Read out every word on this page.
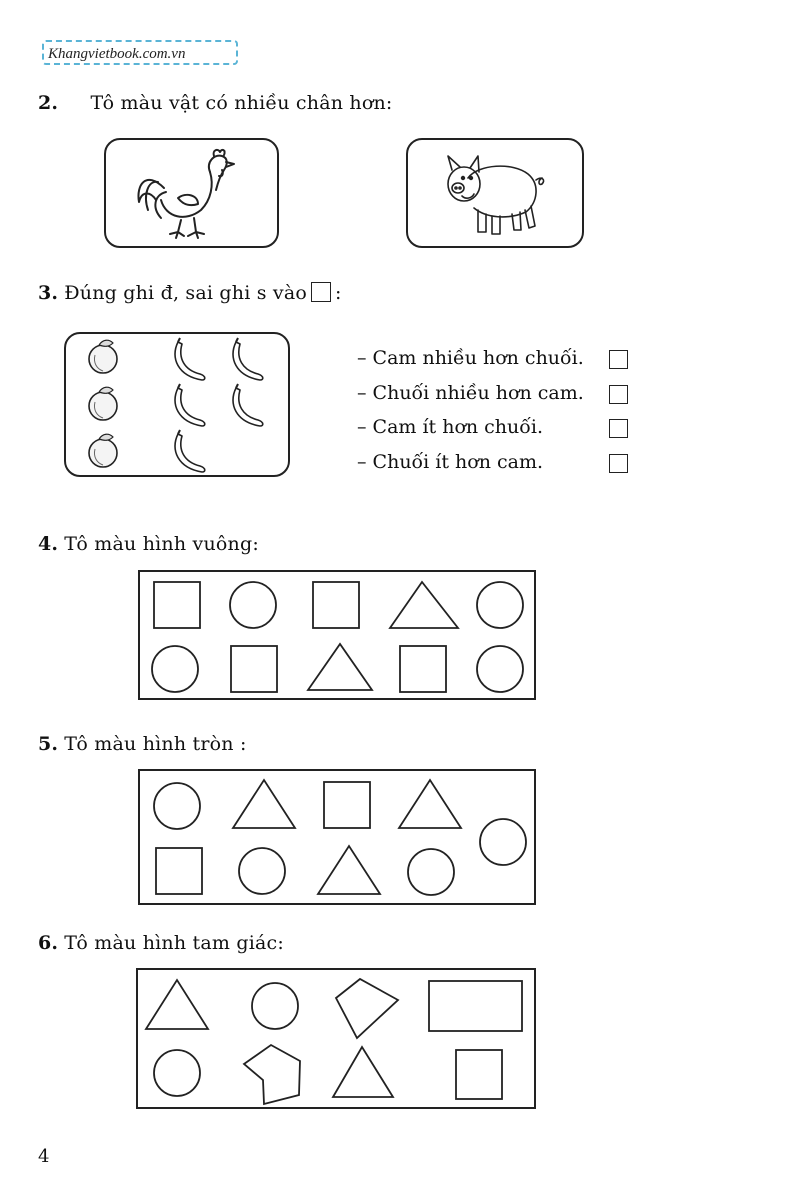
Khangvietbook.com.vn
2. Tô màu vật có nhiều chân hơn:
3. Đúng ghi đ, sai ghi s vào :
– Cam nhiều hơn chuối.
– Chuối nhiều hơn cam.
– Cam ít hơn chuối.
– Chuối ít hơn cam.
4. Tô màu hình vuông:
5. Tô màu hình tròn :
6. Tô màu hình tam giác:
4
